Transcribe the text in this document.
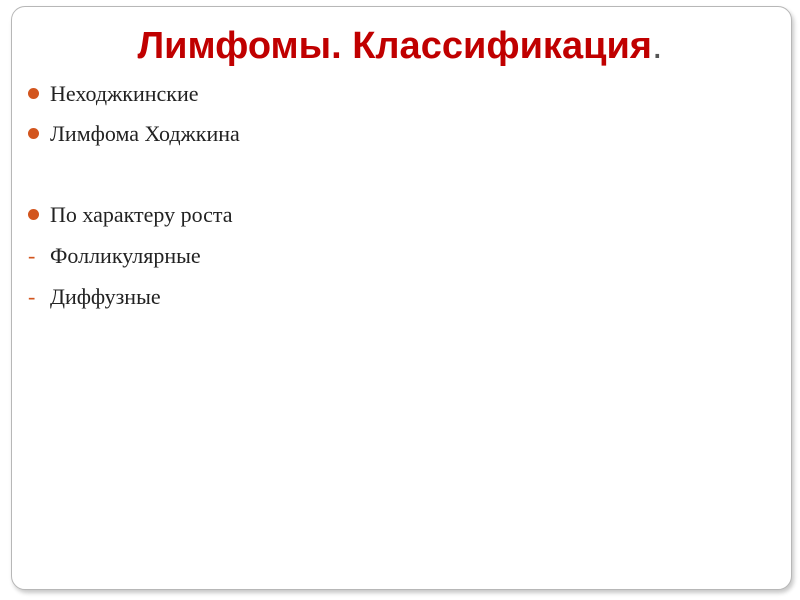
Лимфомы. Классификация.
Неходжкинские
Лимфома Ходжкина
По характеру роста
- Фолликулярные
- Диффузные
